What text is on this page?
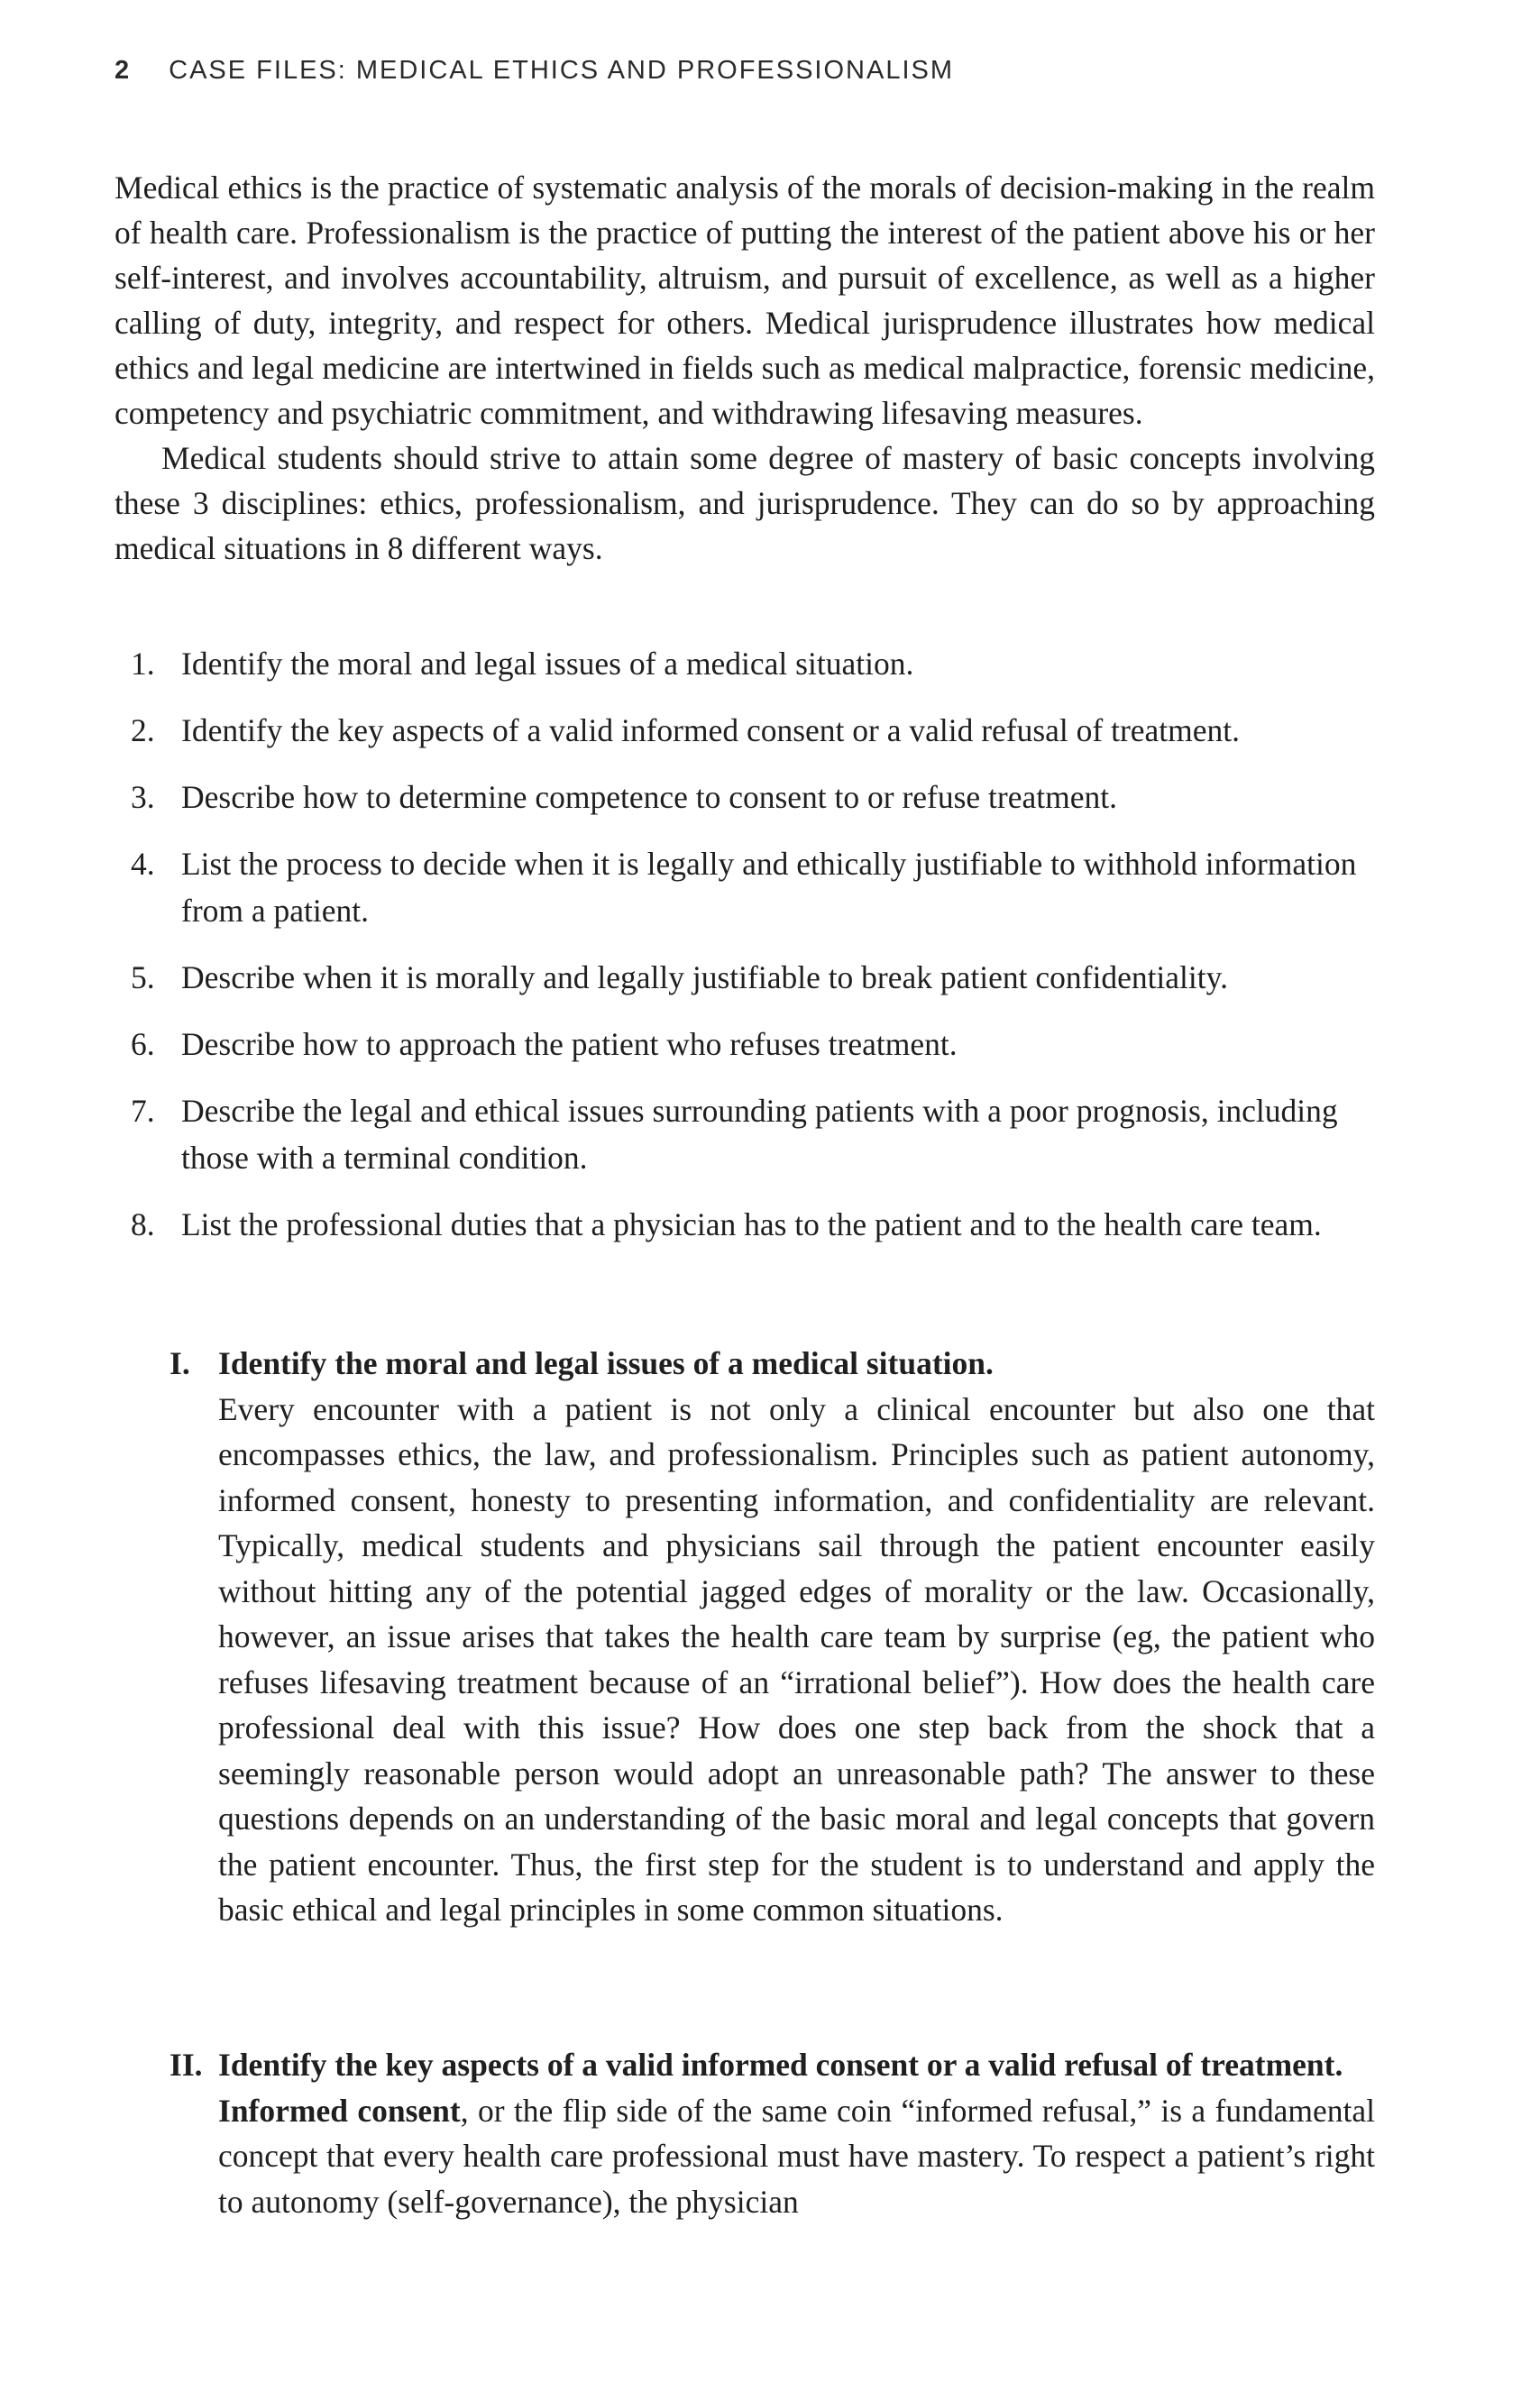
2 CASE FILES: MEDICAL ETHICS AND PROFESSIONALISM

Medical ethics is the practice of systematic analysis of the morals of decision-making in the realm of health care. Professionalism is the practice of putting the interest of the patient above his or her self-interest, and involves accountability, altruism, and pursuit of excellence, as well as a higher calling of duty, integrity, and respect for others. Medical jurisprudence illustrates how medical ethics and legal medicine are intertwined in fields such as medical malpractice, forensic medicine, competency and psychiatric commitment, and withdrawing lifesaving measures.

Medical students should strive to attain some degree of mastery of basic concepts involving these 3 disciplines: ethics, professionalism, and jurisprudence. They can do so by approaching medical situations in 8 different ways.

1. Identify the moral and legal issues of a medical situation.
2. Identify the key aspects of a valid informed consent or a valid refusal of treatment.
3. Describe how to determine competence to consent to or refuse treatment.
4. List the process to decide when it is legally and ethically justifiable to withhold information from a patient.
5. Describe when it is morally and legally justifiable to break patient confidentiality.
6. Describe how to approach the patient who refuses treatment.
7. Describe the legal and ethical issues surrounding patients with a poor prognosis, including those with a terminal condition.
8. List the professional duties that a physician has to the patient and to the health care team.

I. Identify the moral and legal issues of a medical situation.

Every encounter with a patient is not only a clinical encounter but also one that encompasses ethics, the law, and professionalism. Principles such as patient autonomy, informed consent, honesty to presenting information, and confidentiality are relevant. Typically, medical students and physicians sail through the patient encounter easily without hitting any of the potential jagged edges of morality or the law. Occasionally, however, an issue arises that takes the health care team by surprise (eg, the patient who refuses lifesaving treatment because of an “irrational belief”). How does the health care professional deal with this issue? How does one step back from the shock that a seemingly reasonable person would adopt an unreasonable path? The answer to these questions depends on an understanding of the basic moral and legal concepts that govern the patient encounter. Thus, the first step for the student is to understand and apply the basic ethical and legal principles in some common situations.

II. Identify the key aspects of a valid informed consent or a valid refusal of treatment.

Informed consent, or the flip side of the same coin “informed refusal,” is a fundamental concept that every health care professional must have mastery. To respect a patient’s right to autonomy (self-governance), the physician
